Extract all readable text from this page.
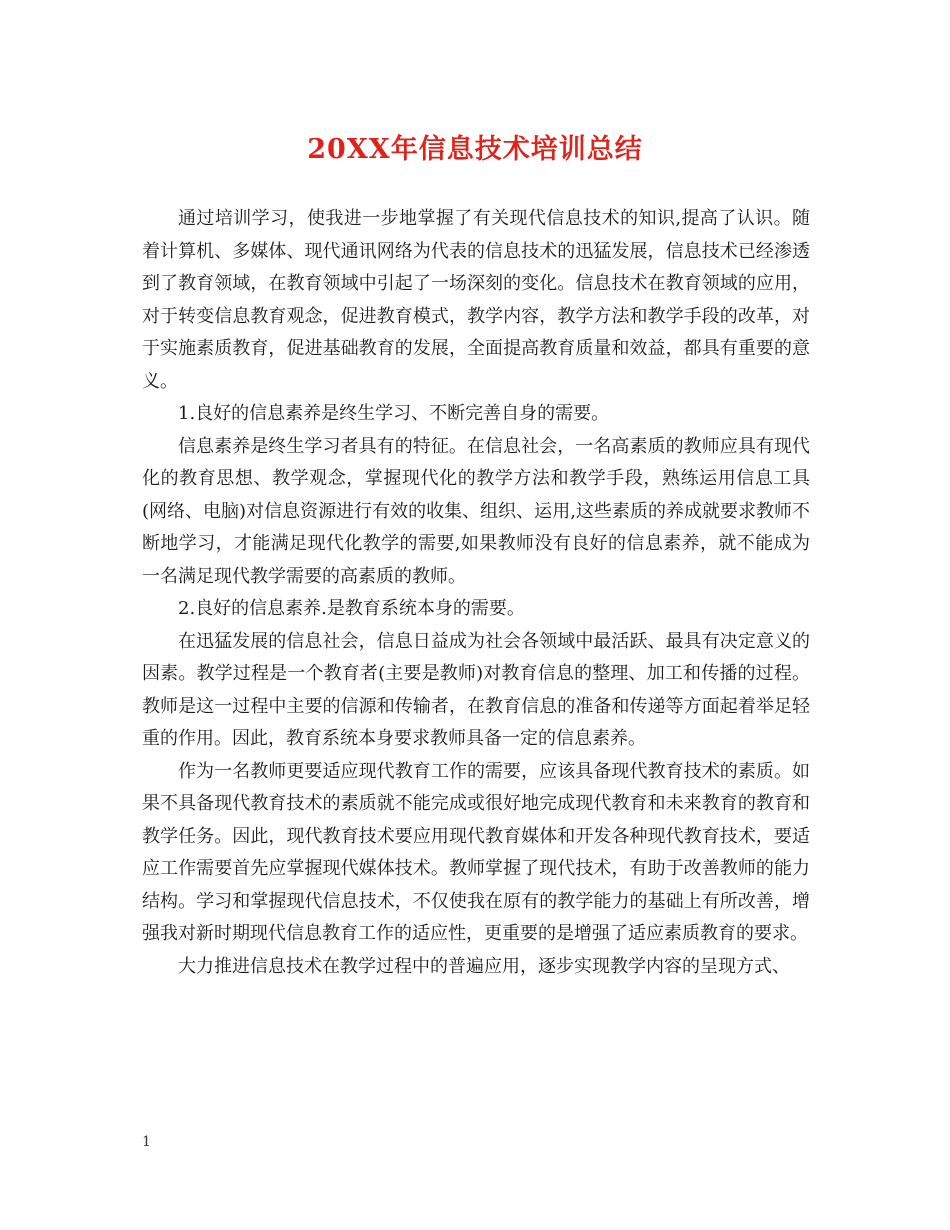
20XX年信息技术培训总结

通过培训学习，使我进一步地掌握了有关现代信息技术的知识,提高了认识。随着计算机、多媒体、现代通讯网络为代表的信息技术的迅猛发展，信息技术已经渗透到了教育领域，在教育领域中引起了一场深刻的变化。信息技术在教育领域的应用，对于转变信息教育观念，促进教育模式，教学内容，教学方法和教学手段的改革，对于实施素质教育，促进基础教育的发展，全面提高教育质量和效益，都具有重要的意义。

1.良好的信息素养是终生学习、不断完善自身的需要。

信息素养是终生学习者具有的特征。在信息社会，一名高素质的教师应具有现代化的教育思想、教学观念，掌握现代化的教学方法和教学手段，熟练运用信息工具(网络、电脑)对信息资源进行有效的收集、组织、运用,这些素质的养成就要求教师不断地学习，才能满足现代化教学的需要,如果教师没有良好的信息素养，就不能成为一名满足现代教学需要的高素质的教师。

2.良好的信息素养.是教育系统本身的需要。

在迅猛发展的信息社会，信息日益成为社会各领域中最活跃、最具有决定意义的因素。教学过程是一个教育者(主要是教师)对教育信息的整理、加工和传播的过程。教师是这一过程中主要的信源和传输者，在教育信息的准备和传递等方面起着举足轻重的作用。因此，教育系统本身要求教师具备一定的信息素养。

作为一名教师更要适应现代教育工作的需要，应该具备现代教育技术的素质。如果不具备现代教育技术的素质就不能完成或很好地完成现代教育和未来教育的教育和教学任务。因此，现代教育技术要应用现代教育媒体和开发各种现代教育技术，要适应工作需要首先应掌握现代媒体技术。教师掌握了现代技术，有助于改善教师的能力结构。学习和掌握现代信息技术，不仅使我在原有的教学能力的基础上有所改善，增强我对新时期现代信息教育工作的适应性，更重要的是增强了适应素质教育的要求。

大力推进信息技术在教学过程中的普遍应用，逐步实现教学内容的呈现方式、

1
